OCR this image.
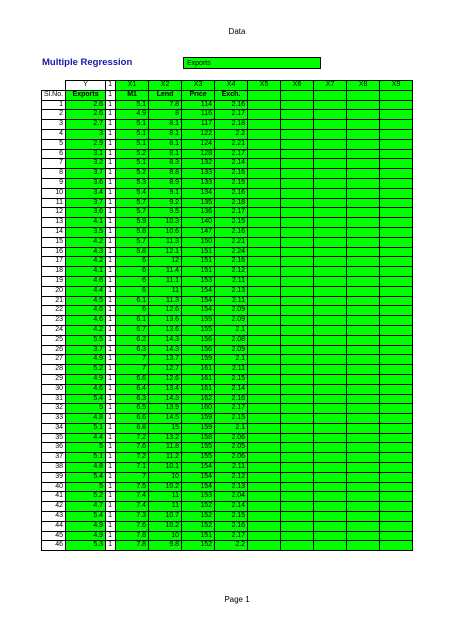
Data
Multiple Regression	Exports
	Y	1	X1	X2	X3	X4	X5	X6	X7	X8	X9
Sl.No.	Exports	1	M1	Lend	Price	Exch.					
1	2.6	1	5.1	7.8	114	2.16					
2	2.6	1	4.9	8	116	2.17					
3	2.7	1	5.1	8.1	117	2.18					
4	3	1	5.1	8.1	122	2.2					
5	2.9	1	5.1	8.1	124	2.21					
6	3.1	1	5.2	8.1	128	2.17					
7	3.2	1	5.1	8.3	132	2.14					
8	3.7	1	5.2	8.8	133	2.16					
9	3.6	1	5.3	8.9	133	2.15					
10	3.4	1	5.4	9.1	134	2.16					
11	3.7	1	5.7	9.2	135	2.18					
12	3.6	1	5.7	9.5	136	2.17					
13	4.1	1	5.9	10.3	140	2.15					
14	3.5	1	5.8	10.6	147	2.16					
15	4.2	1	5.7	11.3	150	2.21					
16	4.3	1	5.8	12.1	151	2.24					
17	4.2	1	6	12	151	2.16					
18	4.1	1	6	11.4	151	2.12					
19	4.6	1	6	11.1	153	2.11					
20	4.4	1	6	11	154	2.13					
21	4.5	1	6.1	11.3	154	2.11					
22	4.6	1	6	12.6	154	2.09					
23	4.6	1	6.1	13.6	155	2.09					
24	4.2	1	6.7	13.6	155	2.1					
25	5.5	1	6.2	14.3	156	2.08					
26	3.7	1	6.3	14.3	156	2.09					
27	4.9	1	7	13.7	159	2.1					
28	5.2	1	7	12.7	161	2.11					
29	4.9	1	6.6	12.6	161	2.15					
30	4.6	1	6.4	13.4	161	2.14					
31	5.4	1	6.3	14.3	162	2.16					
32	5	1	6.5	13.9	160	2.17					
33	4.8	1	6.6	14.5	159	2.15					
34	5.1	1	6.8	15	159	2.1					
35	4.4	1	7.2	13.2	158	2.06					
36	5	1	7.6	11.8	155	2.05					
37	5.1	1	7.2	11.2	155	2.06					
38	4.8	1	7.1	10.1	154	2.11					
39	5.4	1	7	10	154	2.12					
40	5	1	7.5	10.2	154	2.13					
41	5.2	1	7.4	11	153	2.04					
42	4.7	1	7.4	11	152	2.14					
43	5.4	1	7.3	10.7	152	2.15					
44	4.9	1	7.6	10.2	152	2.16					
45	4.9	1	7.8	10	151	2.17					
46	5.3	1	7.8	9.8	152	2.2					
Page 1
